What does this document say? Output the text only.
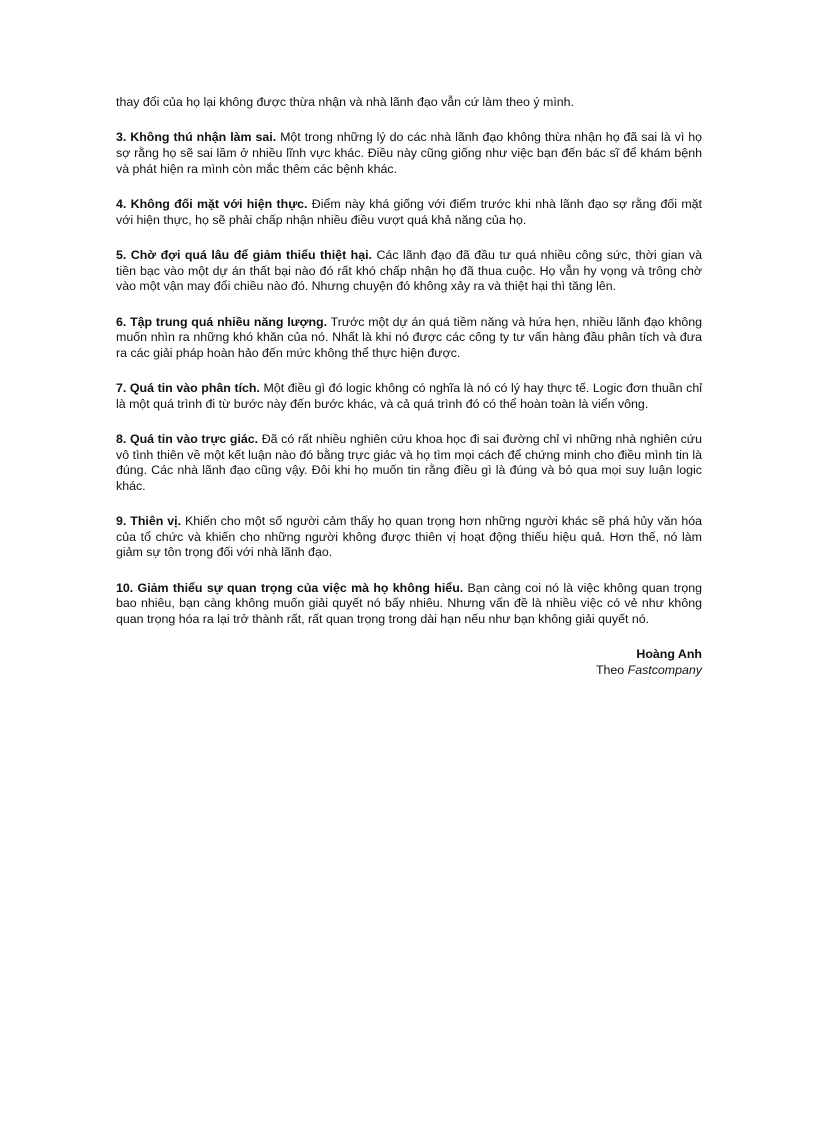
thay đổi của họ lại không được thừa nhận và nhà lãnh đạo vẫn cứ làm theo ý mình.

3. Không thú nhận làm sai. Một trong những lý do các nhà lãnh đạo không thừa nhận họ đã sai là vì họ sợ rằng họ sẽ sai lầm ở nhiều lĩnh vực khác. Điều này cũng giống như việc bạn đến bác sĩ để khám bệnh và phát hiện ra mình còn mắc thêm các bệnh khác.

4. Không đối mặt với hiện thực. Điểm này khá giống với điểm trước khi nhà lãnh đạo sợ rằng đối mặt với hiện thực, họ sẽ phải chấp nhận nhiều điều vượt quá khả năng của họ.

5. Chờ đợi quá lâu để giảm thiểu thiệt hại. Các lãnh đạo đã đầu tư quá nhiều công sức, thời gian và tiền bạc vào một dự án thất bại nào đó rất khó chấp nhận họ đã thua cuộc. Họ vẫn hy vọng và trông chờ vào một vận may đổi chiều nào đó. Nhưng chuyện đó không xảy ra và thiệt hại thì tăng lên.

6. Tập trung quá nhiều năng lượng. Trước một dự án quá tiềm năng và hứa hẹn, nhiều lãnh đạo không muốn nhìn ra những khó khăn của nó. Nhất là khi nó được các công ty tư vấn hàng đầu phân tích và đưa ra các giải pháp hoàn hảo đến mức không thể thực hiện được.

7. Quá tin vào phân tích. Một điều gì đó logic không có nghĩa là nó có lý hay thực tế. Logic đơn thuần chỉ là một quá trình đi từ bước này đến bước khác, và cả quá trình đó có thể hoàn toàn là viển vông.

8. Quá tin vào trực giác. Đã có rất nhiều nghiên cứu khoa học đi sai đường chỉ vì những nhà nghiên cứu vô tình thiên về một kết luận nào đó bằng trực giác và họ tìm mọi cách để chứng minh cho điều mình tin là đúng. Các nhà lãnh đạo cũng vậy. Đôi khi họ muốn tin rằng điều gì là đúng và bỏ qua mọi suy luận logic khác.

9. Thiên vị. Khiến cho một số người cảm thấy họ quan trọng hơn những người khác sẽ phá hủy văn hóa của tổ chức và khiến cho những người không được thiên vị hoạt động thiếu hiệu quả. Hơn thế, nó làm giảm sự tôn trọng đối với nhà lãnh đạo.

10. Giảm thiểu sự quan trọng của việc mà họ không hiểu. Bạn càng coi nó là việc không quan trọng bao nhiêu, bạn càng không muốn giải quyết nó bấy nhiêu. Nhưng vấn đề là nhiều việc có vẻ như không quan trọng hóa ra lại trở thành rất, rất quan trọng trong dài hạn nếu như bạn không giải quyết nó.

Hoàng Anh
Theo Fastcompany
